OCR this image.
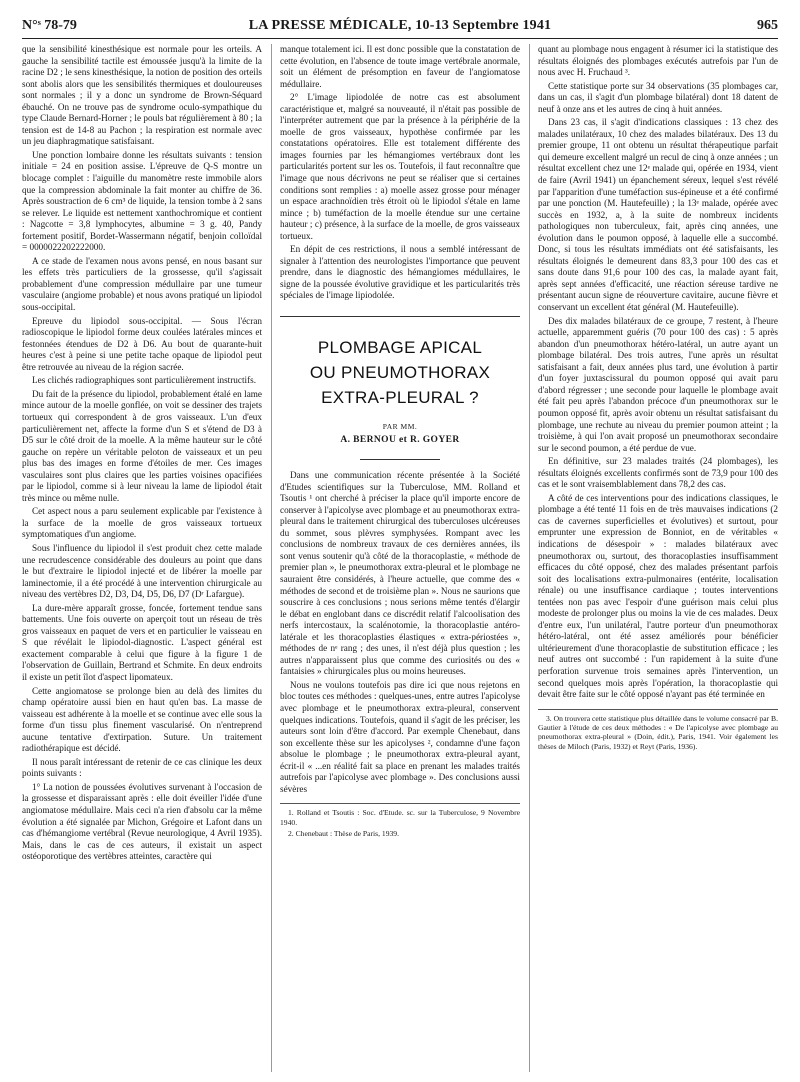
N°ˢ 78-79	LA PRESSE MÉDICALE, 10-13 Septembre 1941	965

que la sensibilité kinesthésique est normale pour les orteils. A gauche la sensibilité tactile est émoussée jusqu'à la limite de la racine D2 ; le sens kinesthésique, la notion de position des orteils sont abolis alors que les sensibilités thermiques et douloureuses sont normales ; il y a donc un syndrome de Brown-Séquard ébauché. On ne trouve pas de syndrome oculo-sympathique du type Claude Bernard-Horner ; le pouls bat régulièrement à 80 ; la tension est de 14-8 au Pachon ; la respiration est normale avec un jeu diaphragmatique satisfaisant.

Une ponction lombaire donne les résultats suivants : tension initiale = 24 en position assise. L'épreuve de Q-S montre un blocage complet : l'aiguille du manomètre reste immobile alors que la compression abdominale la fait monter au chiffre de 36. Après soustraction de 6 cm³ de liquide, la tension tombe à 2 sans se relever. Le liquide est nettement xanthochromique et contient : Nagcotte = 3,8 lymphocytes, albumine = 3 g. 40, Pandy fortement positif, Bordet-Wassermann négatif, benjoin colloïdal = 0000022202222000.

A ce stade de l'examen nous avons pensé, en nous basant sur les effets très particuliers de la grossesse, qu'il s'agissait probablement d'une compression médullaire par une tumeur vasculaire (angiome probable) et nous avons pratiqué un lipiodol sous-occipital.

Epreuve du lipiodol sous-occipital. — Sous l'écran radioscopique le lipiodol forme deux coulées latérales minces et festonnées étendues de D2 à D6. Au bout de quarante-huit heures c'est à peine si une petite tache opaque de lipiodol peut être retrouvée au niveau de la région sacrée.

Les clichés radiographiques sont particulièrement instructifs.

Du fait de la présence du lipiodol, probablement étalé en lame mince autour de la moelle gonflée, on voit se dessiner des trajets tortueux qui correspondent à de gros vaisseaux. L'un d'eux particulièrement net, affecte la forme d'un S et s'étend de D3 à D5 sur le côté droit de la moelle. A la même hauteur sur le côté gauche on repère un véritable peloton de vaisseaux et un peu plus bas des images en forme d'étoiles de mer. Ces images vasculaires sont plus claires que les parties voisines opacifiées par le lipiodol, comme si à leur niveau la lame de lipiodol était très mince ou même nulle.

Cet aspect nous a paru seulement explicable par l'existence à la surface de la moelle de gros vaisseaux tortueux symptomatiques d'un angiome.

Sous l'influence du lipiodol il s'est produit chez cette malade une recrudescence considérable des douleurs au point que dans le but d'extraire le lipiodol injecté et de libérer la moelle par laminectomie, il a été procédé à une intervention chirurgicale au niveau des vertèbres D2, D3, D4, D5, D6, D7 (Dʳ Lafargue).

La dure-mère apparaît grosse, foncée, fortement tendue sans battements. Une fois ouverte on aperçoit tout un réseau de très gros vaisseaux en paquet de vers et en particulier le vaisseau en S que révélait le lipiodol-diagnostic. L'aspect général est exactement comparable à celui que figure à la figure 1 de l'observation de Guillain, Bertrand et Schmite. En deux endroits il existe un petit îlot d'aspect lipomateux.

Cette angiomatose se prolonge bien au delà des limites du champ opératoire aussi bien en haut qu'en bas. La masse de vaisseau est adhérente à la moelle et se continue avec elle sous la forme d'un tissu plus finement vascularisé. On n'entreprend aucune tentative d'extirpation. Suture. Un traitement radiothérapique est décidé.

Il nous paraît intéressant de retenir de ce cas clinique les deux points suivants :

1° La notion de poussées évolutives survenant à l'occasion de la grossesse et disparaissant après : elle doit éveiller l'idée d'une angiomatose médullaire. Mais ceci n'a rien d'absolu car la même évolution a été signalée par Michon, Grégoire et Lafont dans un cas d'hémangiome vertébral (Revue neurologique, 4 Avril 1935). Mais, dans le cas de ces auteurs, il existait un aspect ostéoporotique des vertèbres atteintes, caractère qui

manque totalement ici. Il est donc possible que la constatation de cette évolution, en l'absence de toute image vertébrale anormale, soit un élément de présomption en faveur de l'angiomatose médullaire.

2° L'image lipiodolée de notre cas est absolument caractéristique et, malgré sa nouveauté, il n'était pas possible de l'interpréter autrement que par la présence à la périphérie de la moelle de gros vaisseaux, hypothèse confirmée par les constatations opératoires. Elle est totalement différente des images fournies par les hémangiomes vertébraux dont les particularités portent sur les os. Toutefois, il faut reconnaître que l'image que nous décrivons ne peut se réaliser que si certaines conditions sont remplies : a) moelle assez grosse pour ménager un espace arachnoïdien très étroit où le lipiodol s'étale en lame mince ; b) tuméfaction de la moelle étendue sur une certaine hauteur ; c) présence, à la surface de la moelle, de gros vaisseaux tortueux.

En dépit de ces restrictions, il nous a semblé intéressant de signaler à l'attention des neurologistes l'importance que peuvent prendre, dans le diagnostic des hémangiomes médullaires, le signe de la poussée évolutive gravidique et les particularités très spéciales de l'image lipiodolée.

PLOMBAGE APICAL
OU PNEUMOTHORAX
EXTRA-PLEURAL ?
PAR MM.
A. BERNOU et R. GOYER

Dans une communication récente présentée à la Société d'Etudes scientifiques sur la Tuberculose, MM. Rolland et Tsoutis ¹ ont cherché à préciser la place qu'il importe encore de conserver à l'apicolyse avec plombage et au pneumothorax extra-pleural dans le traitement chirurgical des tuberculoses ulcéreuses du sommet, sous plèvres symphysées. Rompant avec les conclusions de nombreux travaux de ces dernières années, ils sont venus soutenir qu'à côté de la thoracoplastie, « méthode de premier plan », le pneumothorax extra-pleural et le plombage ne sauraient être considérés, à l'heure actuelle, que comme des « méthodes de second et de troisième plan ». Nous ne saurions que souscrire à ces conclusions ; nous serions même tentés d'élargir le débat en englobant dans ce discrédit relatif l'alcoolisation des nerfs intercostaux, la scalénotomie, la thoracoplastie antéro-latérale et les thoracoplasties élastiques « extra-périostées », méthodes de nᵉ rang ; des unes, il n'est déjà plus question ; les autres n'apparaissent plus que comme des curiosités ou des « fantaisies » chirurgicales plus ou moins heureuses.

Nous ne voulons toutefois pas dire ici que nous rejetons en bloc toutes ces méthodes : quelques-unes, entre autres l'apicolyse avec plombage et le pneumothorax extra-pleural, conservent quelques indications. Toutefois, quand il s'agit de les préciser, les auteurs sont loin d'être d'accord. Par exemple Chenebaut, dans son excellente thèse sur les apicolyses ², condamne d'une façon absolue le plombage ; le pneumothorax extra-pleural ayant, écrit-il « ...en réalité fait sa place en prenant les malades traités autrefois par l'apicolyse avec plombage ». Des conclusions aussi sévères

1. Rolland et Tsoutis : Soc. d'Etude. sc. sur la Tuberculose, 9 Novembre 1940.

2. Chenebaut : Thèse de Paris, 1939.

quant au plombage nous engagent à résumer ici la statistique des résultats éloignés des plombages exécutés autrefois par l'un de nous avec H. Fruchaud ³.

Cette statistique porte sur 34 observations (35 plombages car, dans un cas, il s'agit d'un plombage bilatéral) dont 18 datent de neuf à onze ans et les autres de cinq à huit années.

Dans 23 cas, il s'agit d'indications classiques : 13 chez des malades unilatéraux, 10 chez des malades bilatéraux. Des 13 du premier groupe, 11 ont obtenu un résultat thérapeutique parfait qui demeure excellent malgré un recul de cinq à onze années ; un résultat excellent chez une 12ᵉ malade qui, opérée en 1934, vient de faire (Avril 1941) un épanchement séreux, lequel s'est révélé par l'apparition d'une tuméfaction sus-épineuse et a été confirmé par une ponction (M. Hautefeuille) ; la 13ᵉ malade, opérée avec succès en 1932, a, à la suite de nombreux incidents pathologiques non tuberculeux, fait, après cinq années, une évolution dans le poumon opposé, à laquelle elle a succombé. Donc, si tous les résultats immédiats ont été satisfaisants, les résultats éloignés le demeurent dans 83,3 pour 100 des cas et sans doute dans 91,6 pour 100 des cas, la malade ayant fait, après sept années d'efficacité, une réaction séreuse tardive ne présentant aucun signe de réouverture cavitaire, aucune fièvre et conservant un excellent état général (M. Hautefeuille).

Des dix malades bilatéraux de ce groupe, 7 restent, à l'heure actuelle, apparemment guéris (70 pour 100 des cas) : 5 après abandon d'un pneumothorax hétéro-latéral, un autre ayant un plombage bilatéral. Des trois autres, l'une après un résultat satisfaisant a fait, deux années plus tard, une évolution à partir d'un foyer juxtascissural du poumon opposé qui avait paru d'abord régresser ; une seconde pour laquelle le plombage avait été fait peu après l'abandon précoce d'un pneumothorax sur le poumon opposé fit, après avoir obtenu un résultat satisfaisant du plombage, une rechute au niveau du premier poumon atteint ; la troisième, à qui l'on avait proposé un pneumothorax secondaire sur le second poumon, a été perdue de vue.

En définitive, sur 23 malades traités (24 plombages), les résultats éloignés excellents confirmés sont de 73,9 pour 100 des cas et le sont vraisemblablement dans 78,2 des cas.

A côté de ces interventions pour des indications classiques, le plombage a été tenté 11 fois en de très mauvaises indications (2 cas de cavernes superficielles et évolutives) et surtout, pour emprunter une expression de Bonniot, en de véritables « indications de désespoir » : malades bilatéraux avec pneumothorax ou, surtout, des thoracoplasties insuffisamment efficaces du côté opposé, chez des malades présentant parfois soit des localisations extra-pulmonaires (entérite, localisation rénale) ou une insuffisance cardiaque ; toutes interventions tentées non pas avec l'espoir d'une guérison mais celui plus modeste de prolonger plus ou moins la vie de ces malades. Deux d'entre eux, l'un unilatéral, l'autre porteur d'un pneumothorax hétéro-latéral, ont été assez améliorés pour bénéficier ultérieurement d'une thoracoplastie de substitution efficace ; les neuf autres ont succombé : l'un rapidement à la suite d'une perforation survenue trois semaines après l'intervention, un second quelques mois après l'opération, la thoracoplastie qui devait être faite sur le côté opposé n'ayant pas été terminée en

3. On trouvera cette statistique plus détaillée dans le volume consacré par B. Gautier à l'étude de ces deux méthodes : « De l'apicolyse avec plombage au pneumothorax extra-pleural » (Doin, édit.), Paris, 1941. Voir également les thèses de Miloch (Paris, 1932) et Reyt (Paris, 1936).
